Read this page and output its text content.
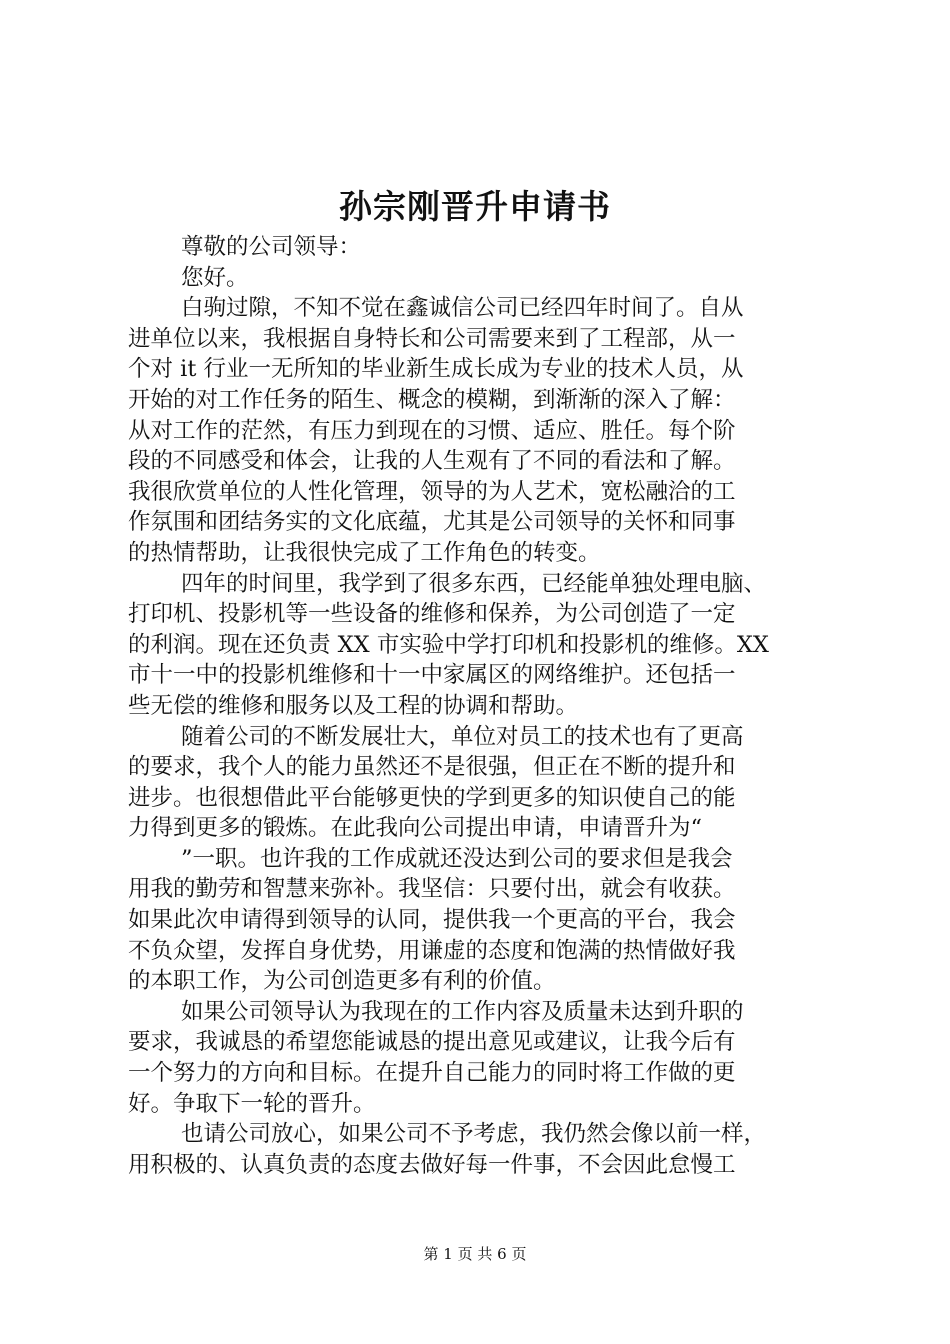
孙宗刚晋升申请书
尊敬的公司领导：
您好。
白驹过隙，不知不觉在鑫诚信公司已经四年时间了。自从
进单位以来，我根据自身特长和公司需要来到了工程部，从一
个对 it 行业一无所知的毕业新生成长成为专业的技术人员，从
开始的对工作任务的陌生、概念的模糊，到渐渐的深入了解：
从对工作的茫然，有压力到现在的习惯、适应、胜任。每个阶
段的不同感受和体会，让我的人生观有了不同的看法和了解。
我很欣赏单位的人性化管理，领导的为人艺术，宽松融洽的工
作氛围和团结务实的文化底蕴，尤其是公司领导的关怀和同事
的热情帮助，让我很快完成了工作角色的转变。
四年的时间里，我学到了很多东西，已经能单独处理电脑、
打印机、投影机等一些设备的维修和保养，为公司创造了一定
的利润。现在还负责 XX 市实验中学打印机和投影机的维修。XX
市十一中的投影机维修和十一中家属区的网络维护。还包括一
些无偿的维修和服务以及工程的协调和帮助。
随着公司的不断发展壮大，单位对员工的技术也有了更高
的要求，我个人的能力虽然还不是很强，但正在不断的提升和
进步。也很想借此平台能够更快的学到更多的知识使自己的能
力得到更多的锻炼。在此我向公司提出申请，申请晋升为“
”一职。也许我的工作成就还没达到公司的要求但是我会
用我的勤劳和智慧来弥补。我坚信：只要付出，就会有收获。
如果此次申请得到领导的认同，提供我一个更高的平台，我会
不负众望，发挥自身优势，用谦虚的态度和饱满的热情做好我
的本职工作，为公司创造更多有利的价值。
如果公司领导认为我现在的工作内容及质量未达到升职的
要求，我诚恳的希望您能诚恳的提出意见或建议，让我今后有
一个努力的方向和目标。在提升自己能力的同时将工作做的更
好。争取下一轮的晋升。
也请公司放心，如果公司不予考虑，我仍然会像以前一样，
用积极的、认真负责的态度去做好每一件事，不会因此怠慢工
第 1 页 共 6 页
